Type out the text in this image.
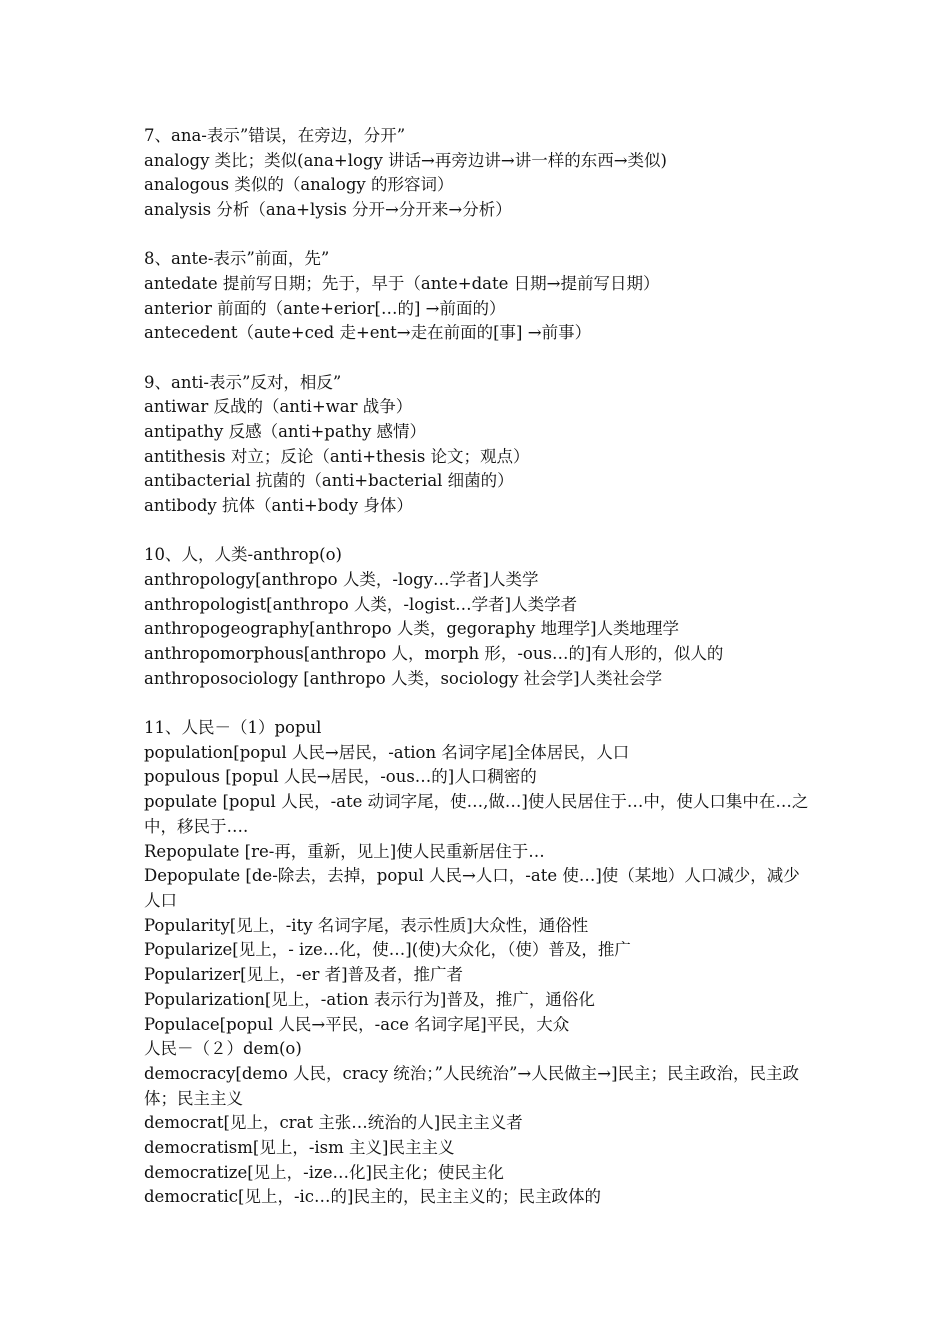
7、ana-表示”错误，在旁边，分开”
analogy 类比；类似(ana+logy 讲话→再旁边讲→讲一样的东西→类似)
analogous 类似的（analogy 的形容词）
analysis 分析（ana+lysis 分开→分开来→分析）
8、ante-表示”前面，先”
antedate 提前写日期；先于，早于（ante+date 日期→提前写日期）
anterior 前面的（ante+erior[…的] →前面的）
antecedent（aute+ced 走+ent→走在前面的[事] →前事）
9、anti-表示”反对，相反”
antiwar 反战的（anti+war 战争）
antipathy 反感（anti+pathy 感情）
antithesis 对立；反论（anti+thesis 论文；观点）
antibacterial 抗菌的（anti+bacterial 细菌的）
antibody 抗体（anti+body 身体）
10、人，人类-anthrop(o)
anthropology[anthropo 人类，-logy…学者]人类学
anthropologist[anthropo 人类，-logist…学者]人类学者
anthropogeography[anthropo 人类，gegoraphy 地理学]人类地理学
anthropomorphous[anthropo 人，morph 形，-ous…的]有人形的，似人的
anthroposociology [anthropo 人类，sociology 社会学]人类社会学
11、人民－（1）popul
population[popul 人民→居民，-ation 名词字尾]全体居民，人口
populous [popul 人民→居民，-ous…的]人口稠密的
populate [popul 人民，-ate 动词字尾，使…,做…]使人民居住于…中，使人口集中在…之中，移民于….
Repopulate [re-再，重新，见上]使人民重新居住于…
Depopulate [de-除去，去掉，popul 人民→人口，-ate 使…]使（某地）人口减少，减少人口
Popularity[见上，-ity 名词字尾，表示性质]大众性，通俗性
Popularize[见上，- ize…化，使…](使)大众化，（使）普及，推广
Popularizer[见上，-er 者]普及者，推广者
Popularization[见上，-ation 表示行为]普及，推广，通俗化
Populace[popul 人民→平民，-ace 名词字尾]平民，大众
人民－（２）dem(o)
democracy[demo 人民，cracy 统治；”人民统治”→人民做主→]民主；民主政治，民主政体；民主主义
democrat[见上，crat 主张…统治的人]民主主义者
democratism[见上，-ism 主义]民主主义
democratize[见上，-ize…化]民主化；使民主化
democratic[见上，-ic…的]民主的，民主主义的；民主政体的
